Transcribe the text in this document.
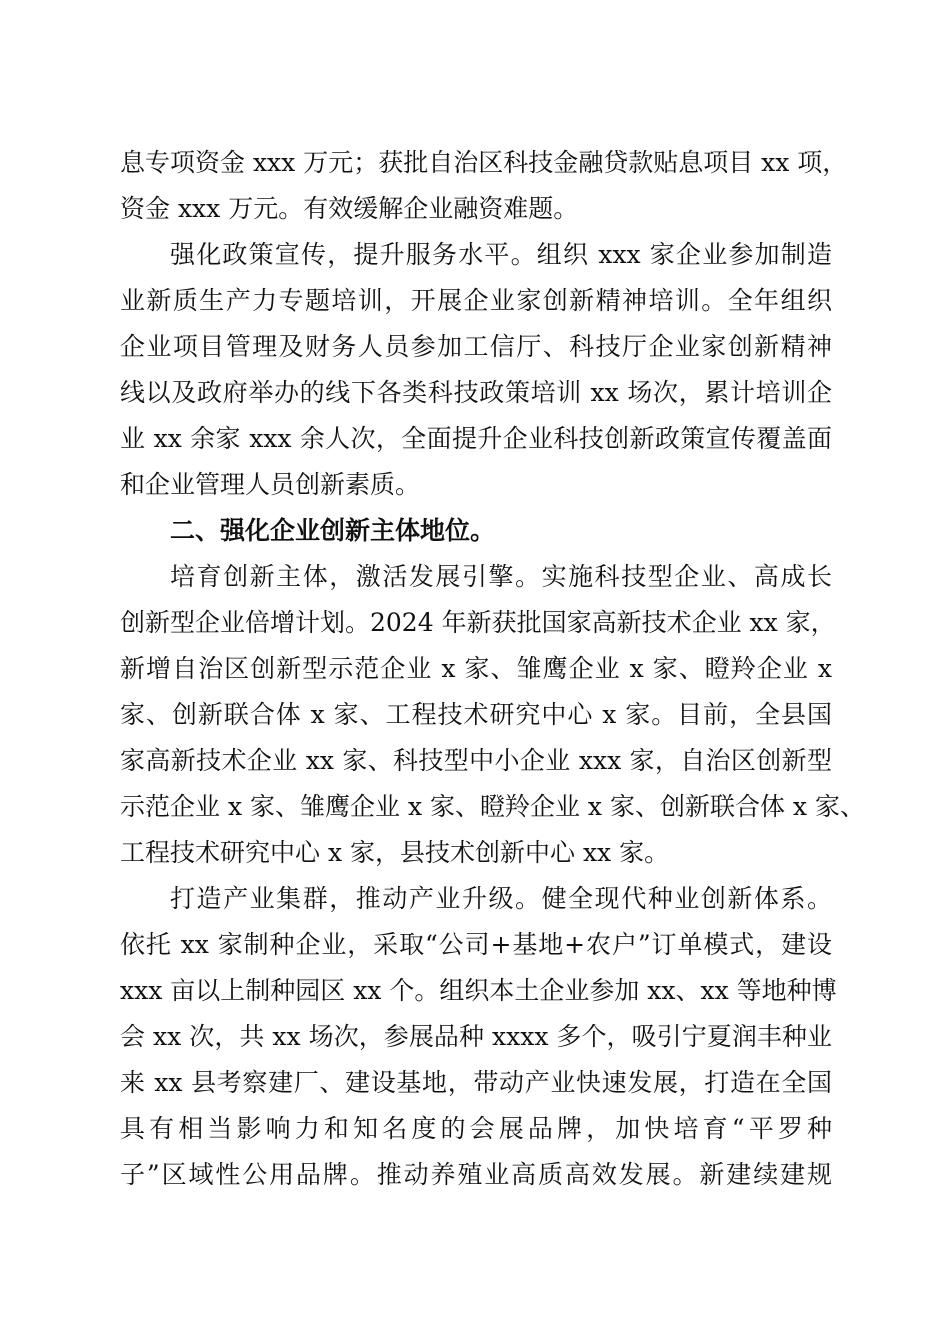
息专项资金 xxx 万元；获批自治区科技金融贷款贴息项目 xx 项，
资金 xxx 万元。有效缓解企业融资难题。
强化政策宣传，提升服务水平。组织 xxx 家企业参加制造
业新质生产力专题培训，开展企业家创新精神培训。全年组织
企业项目管理及财务人员参加工信厅、科技厅企业家创新精神
线以及政府举办的线下各类科技政策培训 xx 场次，累计培训企
业 xx 余家 xxx 余人次，全面提升企业科技创新政策宣传覆盖面
和企业管理人员创新素质。
二、强化企业创新主体地位。
培育创新主体，激活发展引擎。实施科技型企业、高成长
创新型企业倍增计划。2024 年新获批国家高新技术企业 xx 家，
新增自治区创新型示范企业 x 家、雏鹰企业 x 家、瞪羚企业 x
家、创新联合体 x 家、工程技术研究中心 x 家。目前，全县国
家高新技术企业 xx 家、科技型中小企业 xxx 家，自治区创新型
示范企业 x 家、雏鹰企业 x 家、瞪羚企业 x 家、创新联合体 x 家、
工程技术研究中心 x 家，县技术创新中心 xx 家。
打造产业集群，推动产业升级。健全现代种业创新体系。
依托 xx 家制种企业，采取“公司+基地+农户”订单模式，建设
xxx 亩以上制种园区 xx 个。组织本土企业参加 xx、xx 等地种博
会 xx 次，共 xx 场次，参展品种 xxxx 多个，吸引宁夏润丰种业
来 xx 县考察建厂、建设基地，带动产业快速发展，打造在全国
具有相当影响力和知名度的会展品牌，加快培育“平罗种
子”区域性公用品牌。推动养殖业高质高效发展。新建续建规
